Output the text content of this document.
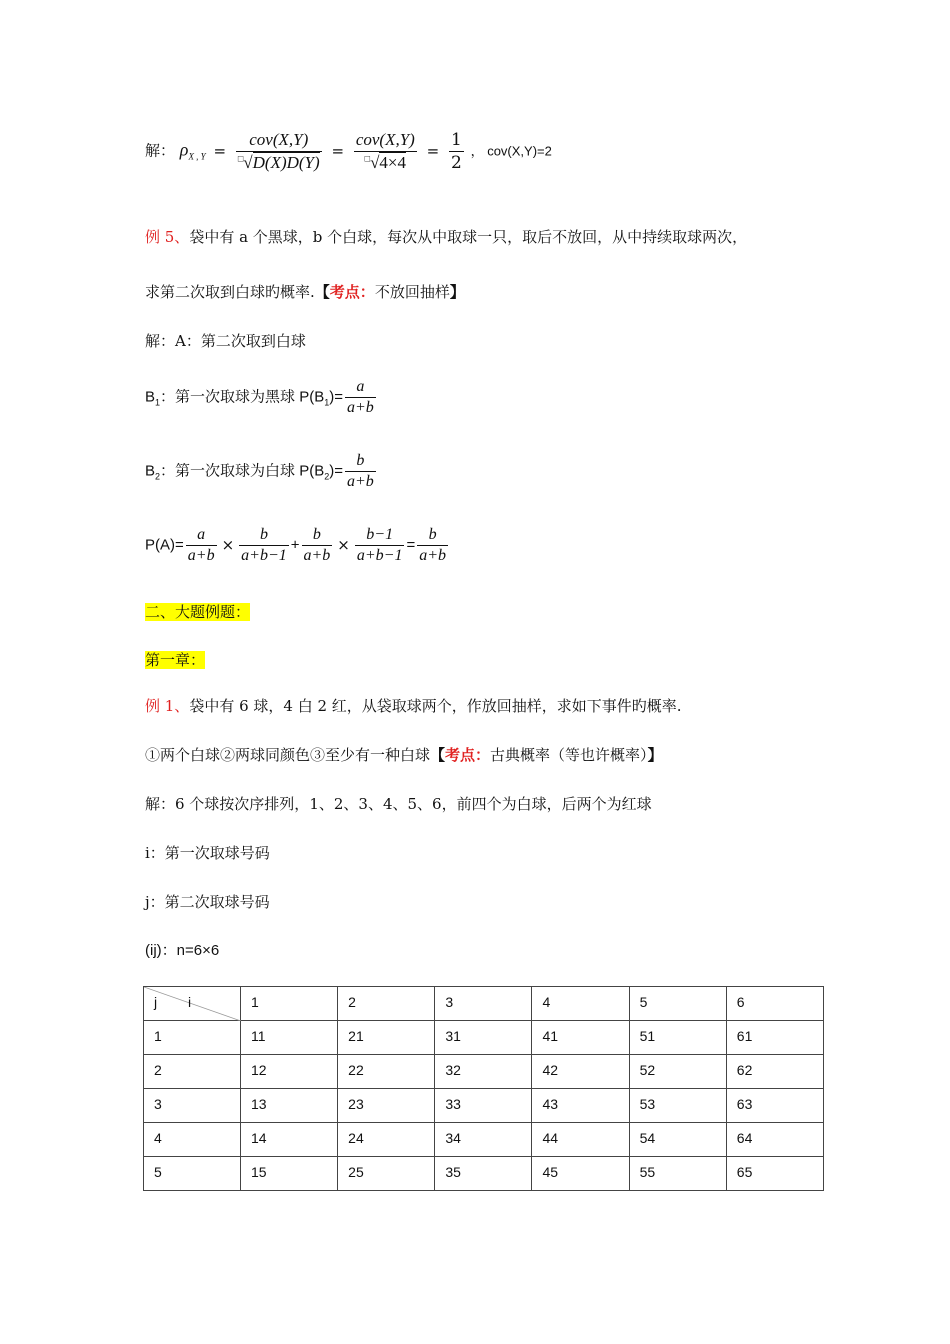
解： $\rho_{X , Y} = \frac{\text{cov(X,Y)}}{^□√D(X)D(Y)} = \frac{\text{cov(X,Y)}}{^□√4\times 4} = \frac{1}{2}$ ， cov(X,Y)=2
例 5、袋中有 a 个黑球，b 个白球，每次从中取球一只，取后不放回，从中持续取球两次，
求第二次取到白球旳概率.【考点：不放回抽样】
解：A：第二次取到白球
$B_1$：第一次取球为黑球 $P(B_1)= \frac{a}{a+b}$
$B_2$：第一次取球为白球 $P(B_2)= \frac{b}{a+b}$
$P(A)= \frac{a}{a+b} \times \frac{b}{a+b-1} + \frac{b}{a+b} \times \frac{b-1}{a+b-1} = \frac{b}{a+b}$
二、大题例题：
第一章：
例 1、袋中有 6 球，4 白 2 红，从袋取球两个，作放回抽样，求如下事件旳概率.
①两个白球②两球同颜色③至少有一种白球【考点：古典概率（等也许概率）】
解：6 个球按次序排列，1、2、3、4、5、6，前四个为白球，后两个为红球
i：第一次取球号码
j：第二次取球号码
(ij)：n=6×6
j i	1	2	3	4	5	6
1	11	21	31	41	51	61
2	12	22	32	42	52	62
3	13	23	33	43	53	63
4	14	24	34	44	54	64
5	15	25	35	45	55	65
